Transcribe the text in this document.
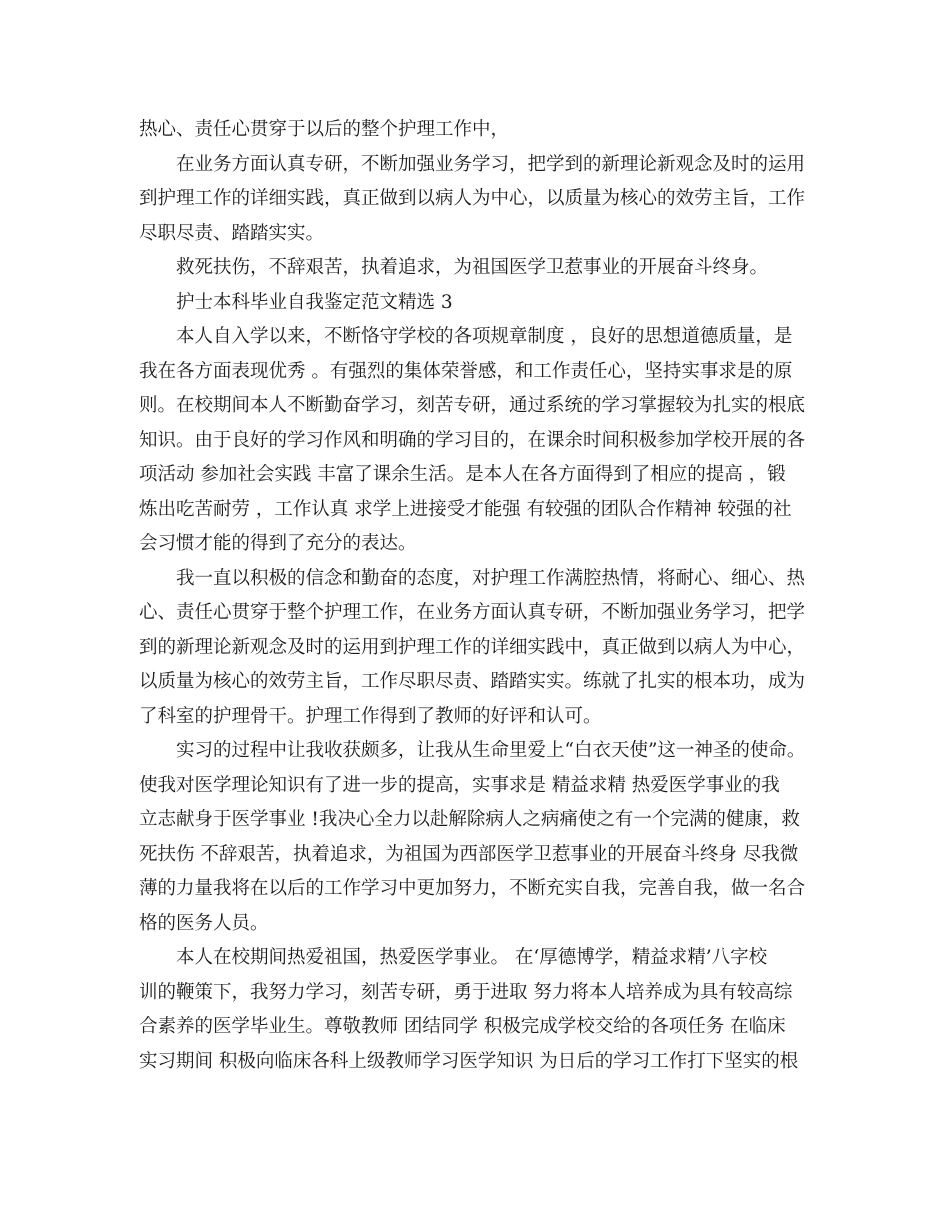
热心、责任心贯穿于以后的整个护理工作中，
在业务方面认真专研，不断加强业务学习，把学到的新理论新观念及时的运用
到护理工作的详细实践，真正做到以病人为中心，以质量为核心的效劳主旨，工作
尽职尽责、踏踏实实。
救死扶伤，不辞艰苦，执着追求，为祖国医学卫惹事业的开展奋斗终身。
护士本科毕业自我鉴定范文精选 3
本人自入学以来，不断恪守学校的各项规章制度 ，良好的思想道德质量，是
我在各方面表现优秀 。有强烈的集体荣誉感，和工作责任心，坚持实事求是的原
则。在校期间本人不断勤奋学习，刻苦专研，通过系统的学习掌握较为扎实的根底
知识。由于良好的学习作风和明确的学习目的，在课余时间积极参加学校开展的各
项活动 参加社会实践 丰富了课余生活。是本人在各方面得到了相应的提高 ，锻
炼出吃苦耐劳 ，工作认真 求学上进接受才能强 有较强的团队合作精神 较强的社
会习惯才能的得到了充分的表达。
我一直以积极的信念和勤奋的态度，对护理工作满腔热情，将耐心、细心、热
心、责任心贯穿于整个护理工作，在业务方面认真专研，不断加强业务学习，把学
到的新理论新观念及时的运用到护理工作的详细实践中，真正做到以病人为中心，
以质量为核心的效劳主旨，工作尽职尽责、踏踏实实。练就了扎实的根本功，成为
了科室的护理骨干。护理工作得到了教师的好评和认可。
实习的过程中让我收获颇多，让我从生命里爱上“白衣天使”这一神圣的使命。
使我对医学理论知识有了进一步的提高，实事求是 精益求精 热爱医学事业的我
立志献身于医学事业 !我决心全力以赴解除病人之病痛使之有一个完满的健康，救
死扶伤 不辞艰苦，执着追求，为祖国为西部医学卫惹事业的开展奋斗终身 尽我微
薄的力量我将在以后的工作学习中更加努力，不断充实自我，完善自我，做一名合
格的医务人员。
本人在校期间热爱祖国，热爱医学事业。 在‘厚德博学，精益求精’八字校
训的鞭策下，我努力学习，刻苦专研，勇于进取 努力将本人培养成为具有较高综
合素养的医学毕业生。尊敬教师 团结同学 积极完成学校交给的各项任务 在临床
实习期间 积极向临床各科上级教师学习医学知识 为日后的学习工作打下坚实的根
